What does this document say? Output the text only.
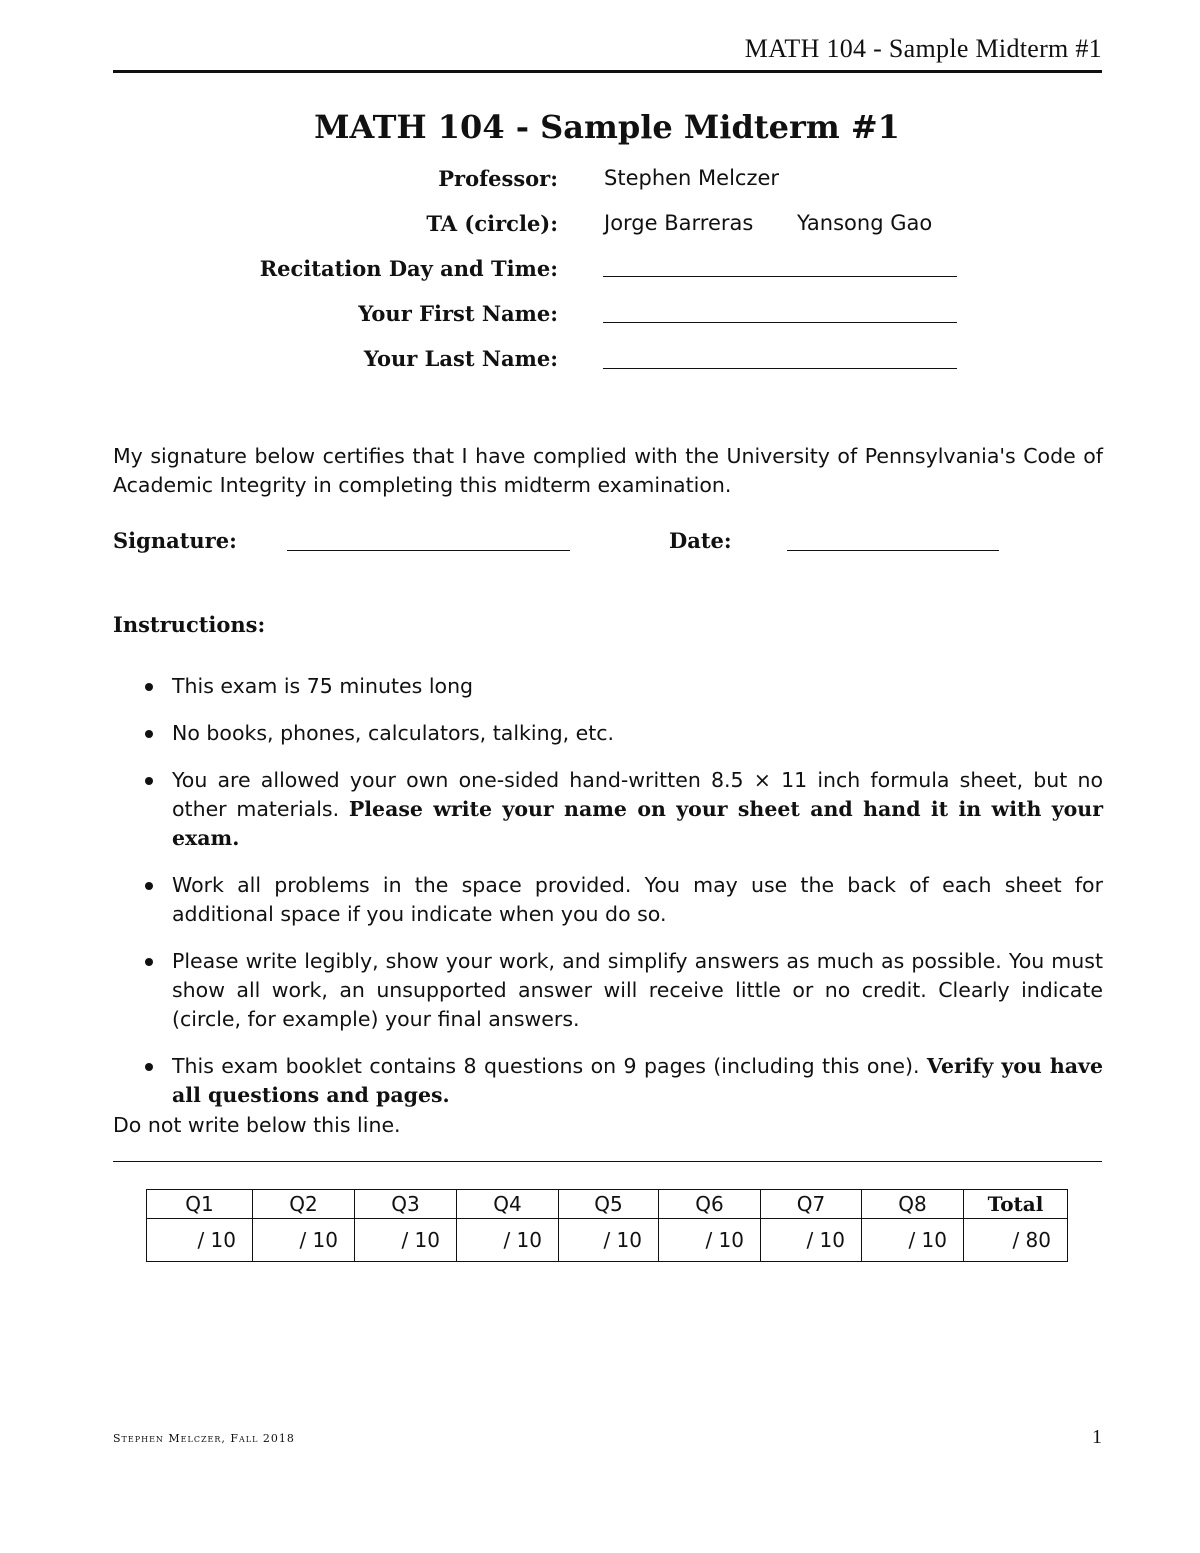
MATH 104 - Sample Midterm #1
MATH 104 - Sample Midterm #1
Professor: Stephen Melczer
TA (circle): Jorge Barreras Yansong Gao
Recitation Day and Time:
Your First Name:
Your Last Name:
My signature below certifies that I have complied with the University of Pennsylvania's Code of Academic Integrity in completing this midterm examination.
Signature:	Date:
Instructions:
This exam is 75 minutes long
No books, phones, calculators, talking, etc.
You are allowed your own one-sided hand-written 8.5 × 11 inch formula sheet, but no other materials. Please write your name on your sheet and hand it in with your exam.
Work all problems in the space provided. You may use the back of each sheet for additional space if you indicate when you do so.
Please write legibly, show your work, and simplify answers as much as possible. You must show all work, an unsupported answer will receive little or no credit. Clearly indicate (circle, for example) your final answers.
This exam booklet contains 8 questions on 9 pages (including this one). Verify you have all questions and pages.
Do not write below this line.
Q1	Q2	Q3	Q4	Q5	Q6	Q7	Q8	Total
/ 10	/ 10	/ 10	/ 10	/ 10	/ 10	/ 10	/ 10	/ 80
Stephen Melczer, Fall 2018	1
